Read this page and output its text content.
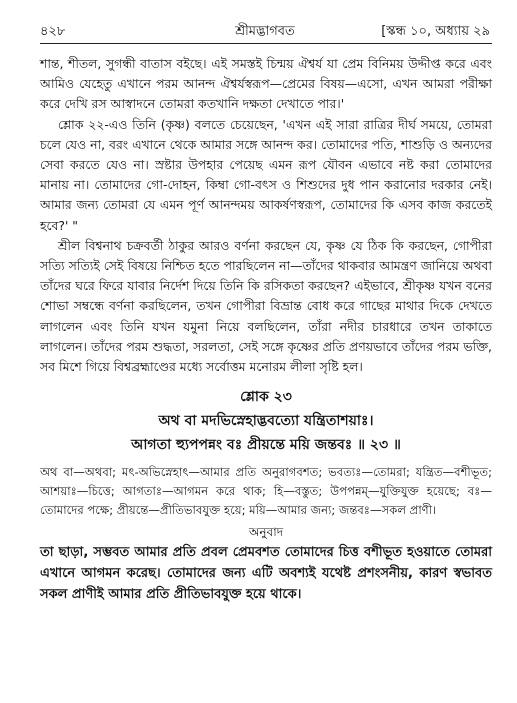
৪২৮	শ্রীমদ্ভাগবত	[স্কন্ধ ১০, অধ্যায় ২৯

শান্ত, শীতল, সুগন্ধী বাতাস বইছে। এই সমস্তই চিন্ময় ঐশ্বর্য যা প্রেম বিনিময় উদ্দীপ্ত করে এবং আমিও যেহেতু এখানে পরম আনন্দ ঐশ্বর্যস্বরূপ—প্রেমের বিষয়—এসো, এখন আমরা পরীক্ষা করে দেখি রস আস্বাদনে তোমরা কতখানি দক্ষতা দেখাতে পার।'

শ্লোক ২২-এও তিনি (কৃষ্ণ) বলতে চেয়েছেন, 'এখন এই সারা রাত্রির দীর্ঘ সময়ে, তোমরা চলে যেও না, বরং এখানে থেকে আমার সঙ্গে আনন্দ কর। তোমাদের পতি, শাশুড়ি ও অন্যদের সেবা করতে যেও না। স্রষ্টার উপহার পেয়েছ এমন রূপ যৌবন এভাবে নষ্ট করা তোমাদের মানায় না। তোমাদের গো-দোহন, কিম্বা গো-বৎস ও শিশুদের দুধ পান করানোর দরকার নেই। আমার জন্য তোমরা যে এমন পূর্ণ আনন্দময় আকর্ষণস্বরূপ, তোমাদের কি এসব কাজ করতেই হবে?' "

শ্রীল বিশ্বনাথ চক্রবর্তী ঠাকুর আরও বর্ণনা করছেন যে, কৃষ্ণ যে ঠিক কি করছেন, গোপীরা সত্যি সত্যিই সেই বিষয়ে নিশ্চিত হতে পারছিলেন না—তাঁদের থাকবার আমন্ত্রণ জানিয়ে অথবা তাঁদের ঘরে ফিরে যাবার নির্দেশ দিয়ে তিনি কি রসিকতা করছেন? এইভাবে, শ্রীকৃষ্ণ যখন বনের শোভা সম্বন্ধে বর্ণনা করছিলেন, তখন গোপীরা বিভ্রান্ত বোধ করে গাছের মাথার দিকে দেখতে লাগলেন এবং তিনি যখন যমুনা নিয়ে বলছিলেন, তাঁরা নদীর চারধারে তখন তাকাতে লাগলেন। তাঁদের পরম শুদ্ধতা, সরলতা, সেই সঙ্গে কৃষ্ণের প্রতি প্রণয়ভাবে তাঁদের পরম ভক্তি, সব মিশে গিয়ে বিশ্বব্রহ্মাণ্ডের মধ্যে সর্বোত্তম মনোরম লীলা সৃষ্টি হল।

শ্লোক ২৩

অথ বা মদভিস্নেহাদ্ভবত্যো যন্ত্রিতাশয়াঃ।

আগতা হ্যুপপন্নং বঃ প্রীয়ন্তে ময়ি জন্তবঃ ॥ ২৩ ॥

অথ বা—অথবা; মৎ-অভিস্নেহাৎ—আমার প্রতি অনুরাগবশত; ভবত্যঃ—তোমরা; যন্ত্রিত—বশীভূত; আশয়াঃ—চিত্তে; আগতাঃ—আগমন করে থাক; হি—বস্তুত; উপপন্নম্—যুক্তিযুক্ত হয়েছে; বঃ—তোমাদের পক্ষে; প্রীয়ন্তে—প্রীতিভাবযুক্ত হয়ে; ময়ি—আমার জন্য; জন্তবঃ—সকল প্রাণী।

অনুবাদ

তা ছাড়া, সম্ভবত আমার প্রতি প্রবল প্রেমবশত তোমাদের চিত্ত বশীভূত হওয়াতে তোমরা এখানে আগমন করেছ। তোমাদের জন্য এটি অবশ্যই যথেষ্ট প্রশংসনীয়, কারণ স্বভাবত সকল প্রাণীই আমার প্রতি প্রীতিভাবযুক্ত হয়ে থাকে।
